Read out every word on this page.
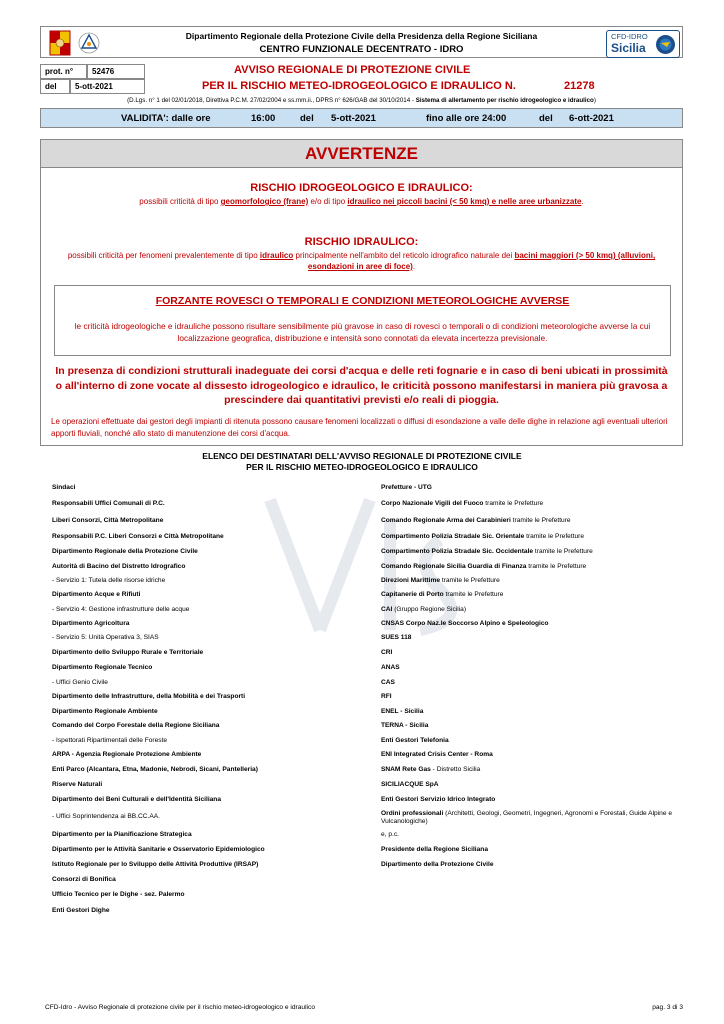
Dipartimento Regionale della Protezione Civile della Presidenza della Regione Siciliana
CENTRO FUNZIONALE DECENTRATO - IDRO
CFD-IDRO
Sicilia
prot. n°	52476
del	5-ott-2021
AVVISO REGIONALE DI PROTEZIONE CIVILE
PER IL RISCHIO METEO-IDROGEOLOGICO E IDRAULICO N.	21278
(D.Lgs. n° 1 del 02/01/2018, Direttiva P.C.M. 27/02/2004 e ss.mm.ii., DPRS n° 626/GAB del 30/10/2014 - Sistema di allertamento per rischio idrogeologico e idraulico)
VALIDITA': dalle ore	16:00	del 5-ott-2021	fino alle ore 24:00	del 6-ott-2021
AVVERTENZE
RISCHIO IDROGEOLOGICO E IDRAULICO:
possibili criticità di tipo geomorfologico (frane) e/o di tipo idraulico nei piccoli bacini (< 50 kmq) e nelle aree urbanizzate.
RISCHIO IDRAULICO:
possibili criticità per fenomeni prevalentemente di tipo idraulico principalmente nell'ambito del reticolo idrografico naturale dei bacini maggiori (> 50 kmq) (alluvioni, esondazioni in aree di foce).
FORZANTE ROVESCI O TEMPORALI E CONDIZIONI METEOROLOGICHE AVVERSE
le criticità idrogeologiche e idrauliche possono risultare sensibilmente più gravose in caso di rovesci o temporali o di condizioni meteorologiche avverse la cui localizzazione geografica, distribuzione e intensità sono connotati da elevata incertezza previsionale.
In presenza di condizioni strutturali inadeguate dei corsi d'acqua e delle reti fognarie e in caso di beni ubicati in prossimità o all'interno di zone vocate al dissesto idrogeologico e idraulico, le criticità possono manifestarsi in maniera più gravosa a prescindere dai quantitativi previsti e/o reali di pioggia.
Le operazioni effettuate dai gestori degli impianti di ritenuta possono causare fenomeni localizzati o diffusi di esondazione a valle delle dighe in relazione agli eventuali ulteriori apporti fluviali, nonché allo stato di manutenzione dei corsi d'acqua.
ELENCO DEI DESTINATARI DELL'AVVISO REGIONALE DI PROTEZIONE CIVILE
PER IL RISCHIO METEO-IDROGEOLOGICO E IDRAULICO
Sindaci
Responsabili Uffici Comunali di P.C.
Liberi Consorzi, Città Metropolitane
Responsabili P.C. Liberi Consorzi e Città Metropolitane
Dipartimento Regionale della Protezione Civile
Autorità di Bacino del Distretto Idrografico
- Servizio 1: Tutela delle risorse idriche
Dipartimento Acque e Rifiuti
- Servizio 4: Gestione infrastrutture delle acque
Dipartimento Agricoltura
- Servizio 5: Unità Operativa 3, SIAS
Dipartimento dello Sviluppo Rurale e Territoriale
Dipartimento Regionale Tecnico
- Uffici Genio Civile
Dipartimento delle Infrastrutture, della Mobilità e dei Trasporti
Dipartimento Regionale Ambiente
Comando del Corpo Forestale della Regione Siciliana
- Ispettorati Ripartimentali delle Foreste
ARPA - Agenzia Regionale Protezione Ambiente
Enti Parco (Alcantara, Etna, Madonie, Nebrodi, Sicani, Pantelleria)
Riserve Naturali
Dipartimento dei Beni Culturali e dell'Identità Siciliana
- Uffici Soprintendenza ai BB.CC.AA.
Dipartimento per la Pianificazione Strategica
Dipartimento per le Attività Sanitarie e Osservatorio Epidemiologico
Istituto Regionale per lo Sviluppo delle Attività Produttive (IRSAP)
Consorzi di Bonifica
Ufficio Tecnico per le Dighe - sez. Palermo
Enti Gestori Dighe
Prefetture - UTG
Corpo Nazionale Vigili del Fuoco tramite le Prefetture
Comando Regionale Arma dei Carabinieri tramite le Prefetture
Compartimento Polizia Stradale Sic. Orientale tramite le Prefetture
Compartimento Polizia Stradale Sic. Occidentale tramite le Prefetture
Comando Regionale Sicilia Guardia di Finanza tramite le Prefetture
Direzioni Marittime tramite le Prefetture
Capitanerie di Porto tramite le Prefetture
CAI (Gruppo Regione Sicilia)
CNSAS Corpo Naz.le Soccorso Alpino e Speleologico
SUES 118
CRI
ANAS
CAS
RFI
ENEL - Sicilia
TERNA - Sicilia
Enti Gestori Telefonia
ENI Integrated Crisis Center - Roma
SNAM Rete Gas - Distretto Sicilia
SICILIACQUE SpA
Enti Gestori Servizio Idrico Integrato
Ordini professionali (Architetti, Geologi, Geometri, Ingegneri, Agronomi e Forestali, Guide Alpine e Vulcanologiche)
e, p.c.
Presidente della Regione Siciliana
Dipartimento della Protezione Civile
CFD-Idro - Avviso Regionale di protezione civile per il rischio meteo-idrogeologico e idraulico	pag. 3 di 3
